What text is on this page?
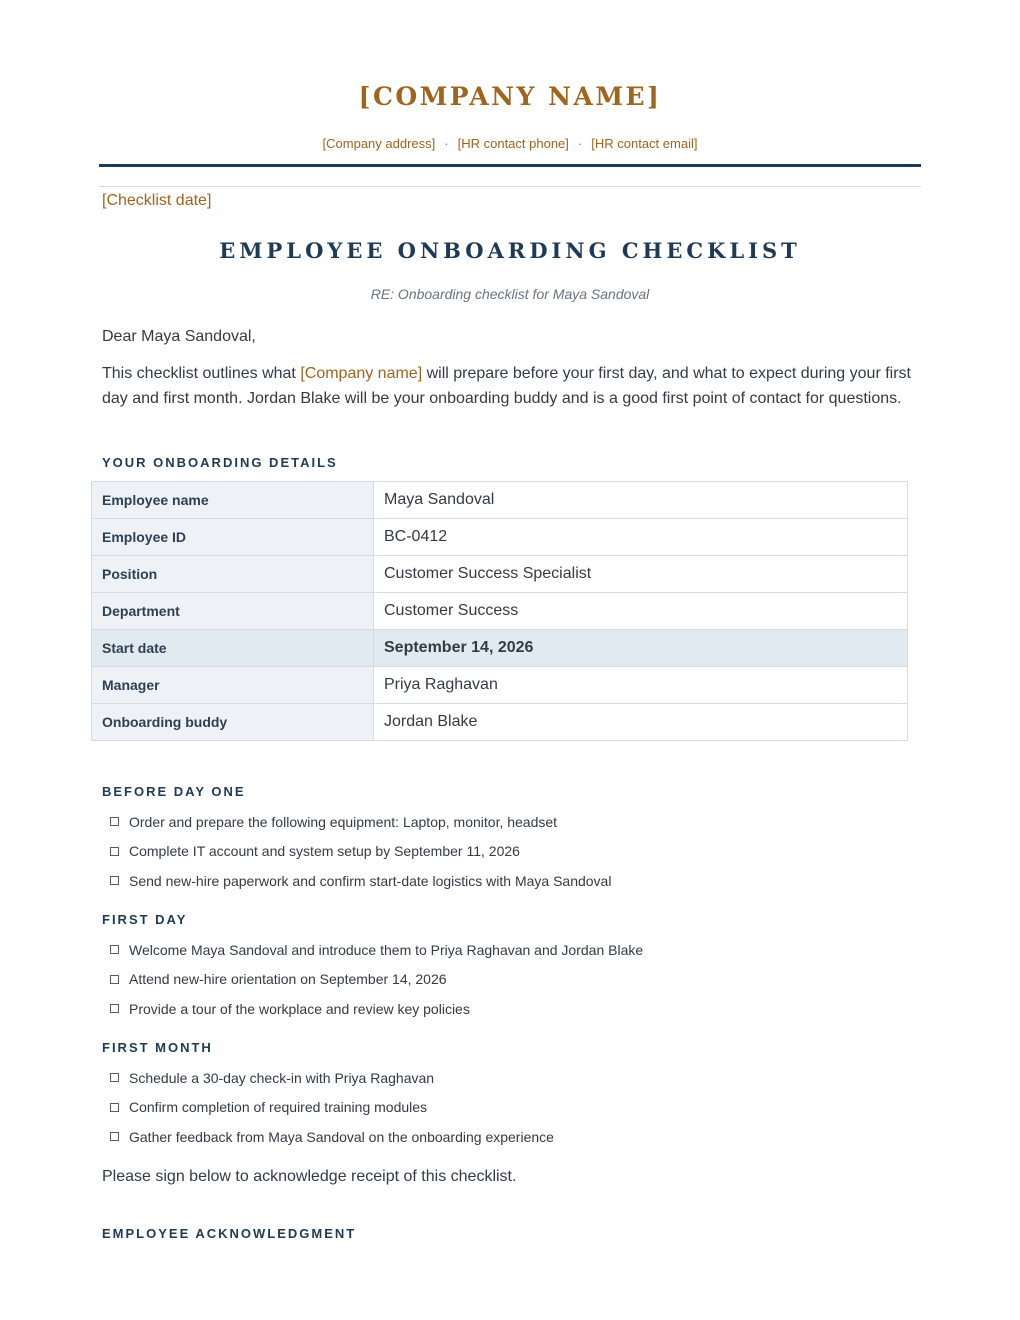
[COMPANY NAME]
[Company address] · [HR contact phone] · [HR contact email]
[Checklist date]
EMPLOYEE ONBOARDING CHECKLIST
RE: Onboarding checklist for Maya Sandoval
Dear Maya Sandoval,
This checklist outlines what [Company name] will prepare before your first day, and what to expect during your first day and first month. Jordan Blake will be your onboarding buddy and is a good first point of contact for questions.
YOUR ONBOARDING DETAILS
Employee name	Maya Sandoval
Employee ID	BC-0412
Position	Customer Success Specialist
Department	Customer Success
Start date	September 14, 2026
Manager	Priya Raghavan
Onboarding buddy	Jordan Blake
BEFORE DAY ONE
Order and prepare the following equipment: Laptop, monitor, headset
Complete IT account and system setup by September 11, 2026
Send new-hire paperwork and confirm start-date logistics with Maya Sandoval
FIRST DAY
Welcome Maya Sandoval and introduce them to Priya Raghavan and Jordan Blake
Attend new-hire orientation on September 14, 2026
Provide a tour of the workplace and review key policies
FIRST MONTH
Schedule a 30-day check-in with Priya Raghavan
Confirm completion of required training modules
Gather feedback from Maya Sandoval on the onboarding experience
Please sign below to acknowledge receipt of this checklist.
EMPLOYEE ACKNOWLEDGMENT
